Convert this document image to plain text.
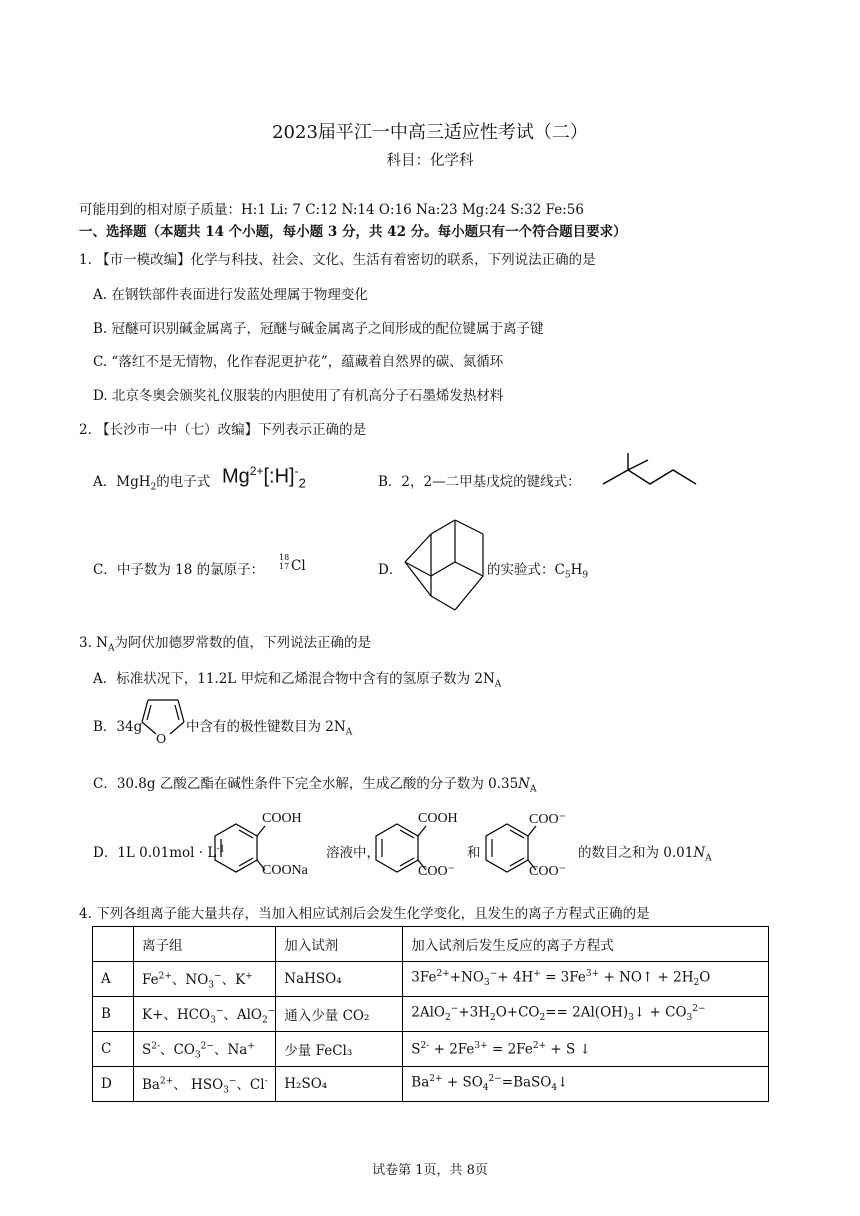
2023届平江一中高三适应性考试（二）
科目：化学科
可能用到的相对原子质量：H:1 Li: 7 C:12 N:14 O:16 Na:23 Mg:24 S:32 Fe:56
一、选择题（本题共 14 个小题，每小题 3 分，共 42 分。每小题只有一个符合题目要求）
1. 【市一模改编】化学与科技、社会、文化、生活有着密切的联系，下列说法正确的是
A. 在钢铁部件表面进行发蓝处理属于物理变化
B. 冠醚可识别碱金属离子，冠醚与碱金属离子之间形成的配位键属于离子键
C. “落红不是无情物，化作春泥更护花”，蕴藏着自然界的碳、氮循环
D. 北京冬奥会颁奖礼仪服装的内胆使用了有机高分子石墨烯发热材料
2. 【长沙市一中（七）改编】下列表示正确的是
A．MgH$_2$的电子式 $Mg^{2+}[:H]^-_2$	B．2，2—二甲基戊烷的键线式：
C．中子数为 18 的氯原子：
18
17 Cl	D．	的实验式：$C_5H_9$
3. $N_A$为阿伏加德罗常数的值，下列说法正确的是
A．标准状况下，11.2L 甲烷和乙烯混合物中含有的氢原子数为 $2N_A$
B．34g
O
中含有的极性键数目为 $2N_A$
C．30.8g 乙酸乙酯在碱性条件下完全水解，生成乙酸的分子数为 $0.35N_A$
D．1L $0.01mol \cdot L^{-1}$
COOH
COONa
溶液中，
COOH
COO⁻
和
COO⁻
COO⁻
的数目之和为 $0.01N_A$
4. 下列各组离子能大量共存，当加入相应试剂后会发生化学变化，且发生的离子方程式正确的是
	离子组	加入试剂	加入试剂后发生反应的离子方程式
A	$Fe^{2+}$、$NO_3^-$、K+	NaHSO₄	$3Fe^{2+}+NO_3^-+ 4H^+ = 3Fe^{3+}$ + NO↑ + $2H_2O$
B	K+、$HCO_3^-$、AlO$_2$−	通入少量 CO₂	$2AlO_2^-+3H_2O+CO_2==$ $2Al(OH)_3↓ + CO_3^{2-}$
C	$S^{2-}$、$CO_3^{2-}$、Na+	少量 FeCl₃	$S^{2-} + 2Fe^{3+} = 2Fe^{2+} + S$ ↓
D	$Ba^{2+}$、 $HSO_3^-$、Cl-	H₂SO₄	$Ba^{2+}$ + $SO_4^{2-}=BaSO_4↓$
试卷第 1页，共 8页
